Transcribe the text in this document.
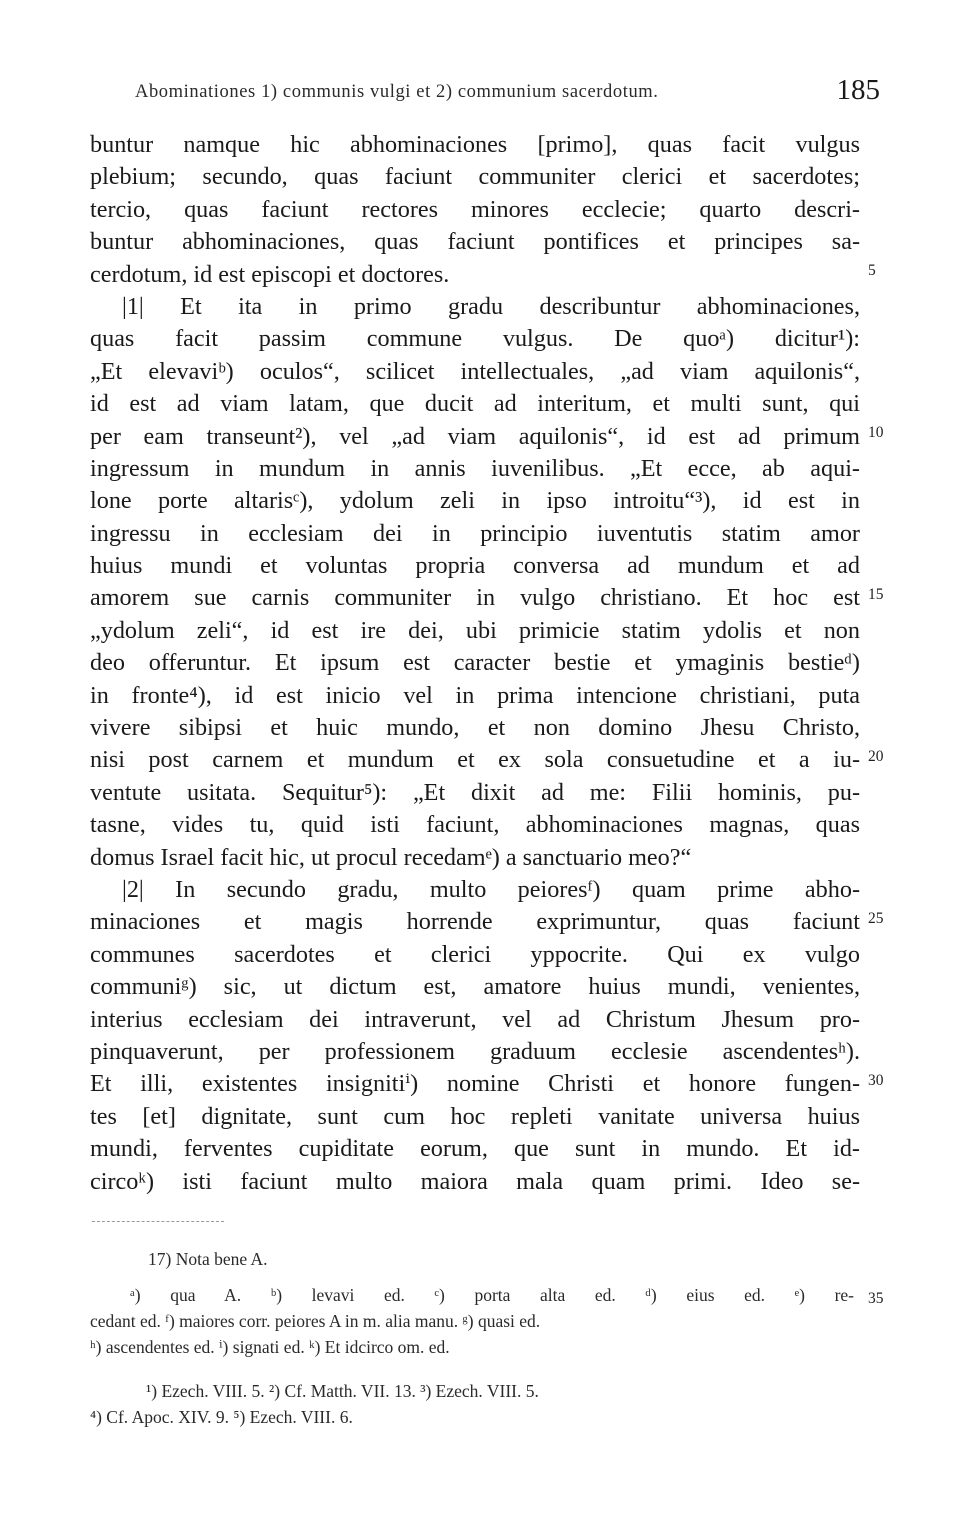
Abominationes 1) communis vulgi et 2) communium sacerdotum.	185
buntur namque hic abhominaciones [primo], quas facit vulgus
plebium; secundo, quas faciunt communiter clerici et sacerdotes;
tercio, quas faciunt rectores minores ecclecie; quarto descri-
buntur abhominaciones, quas faciunt pontifices et principes sa-
cerdotum, id est episcopi et doctores.
|1| Et ita in primo gradu describuntur abhominaciones,
quas facit passim commune vulgus. De quoᵃ) dicitur¹):
„Et elevaviᵇ) oculos“, scilicet intellectuales, „ad viam aquilonis“,
id est ad viam latam, que ducit ad interitum, et multi sunt, qui
per eam transeunt²), vel „ad viam aquilonis“, id est ad primum
ingressum in mundum in annis iuvenilibus. „Et ecce, ab aqui-
lone porte altarisᶜ), ydolum zeli in ipso introitu“³), id est in
ingressu in ecclesiam dei in principio iuventutis statim amor
huius mundi et voluntas propria conversa ad mundum et ad
amorem sue carnis communiter in vulgo christiano. Et hoc est
„ydolum zeli“, id est ire dei, ubi primicie statim ydolis et non
deo offeruntur. Et ipsum est caracter bestie et ymaginis bestieᵈ)
in fronte⁴), id est inicio vel in prima intencione christiani, puta
vivere sibipsi et huic mundo, et non domino Jhesu Christo,
nisi post carnem et mundum et ex sola consuetudine et a iu-
ventute usitata. Sequitur⁵): „Et dixit ad me: Filii hominis, pu-
tasne, vides tu, quid isti faciunt, abhominaciones magnas, quas
domus Israel facit hic, ut procul recedamᵉ) a sanctuario meo?“
|2| In secundo gradu, multo peioresᶠ) quam prime abho-
minaciones et magis horrende exprimuntur, quas faciunt
communes sacerdotes et clerici yppocrite. Qui ex vulgo
communiᵍ) sic, ut dictum est, amatore huius mundi, venientes,
interius ecclesiam dei intraverunt, vel ad Christum Jhesum pro-
pinquaverunt, per professionem graduum ecclesie ascendentesʰ).
Et illi, existentes insignitiⁱ) nomine Christi et honore fungen-
tes [et] dignitate, sunt cum hoc repleti vanitate universa huius
mundi, ferventes cupiditate eorum, que sunt in mundo. Et id-
circoᵏ) isti faciunt multo maiora mala quam primi. Ideo se-
5
10
15
20
25
30
35
17) Nota bene A.
ᵃ) qua A. ᵇ) levavi ed. ᶜ) porta alta ed. ᵈ) eius ed. ᵉ) re-
cedant ed. ᶠ) maiores corr. peiores A in m. alia manu. ᵍ) quasi ed.
ʰ) ascendentes ed. ⁱ) signati ed. ᵏ) Et idcirco om. ed.
¹) Ezech. VIII. 5. ²) Cf. Matth. VII. 13. ³) Ezech. VIII. 5.
⁴) Cf. Apoc. XIV. 9. ⁵) Ezech. VIII. 6.
